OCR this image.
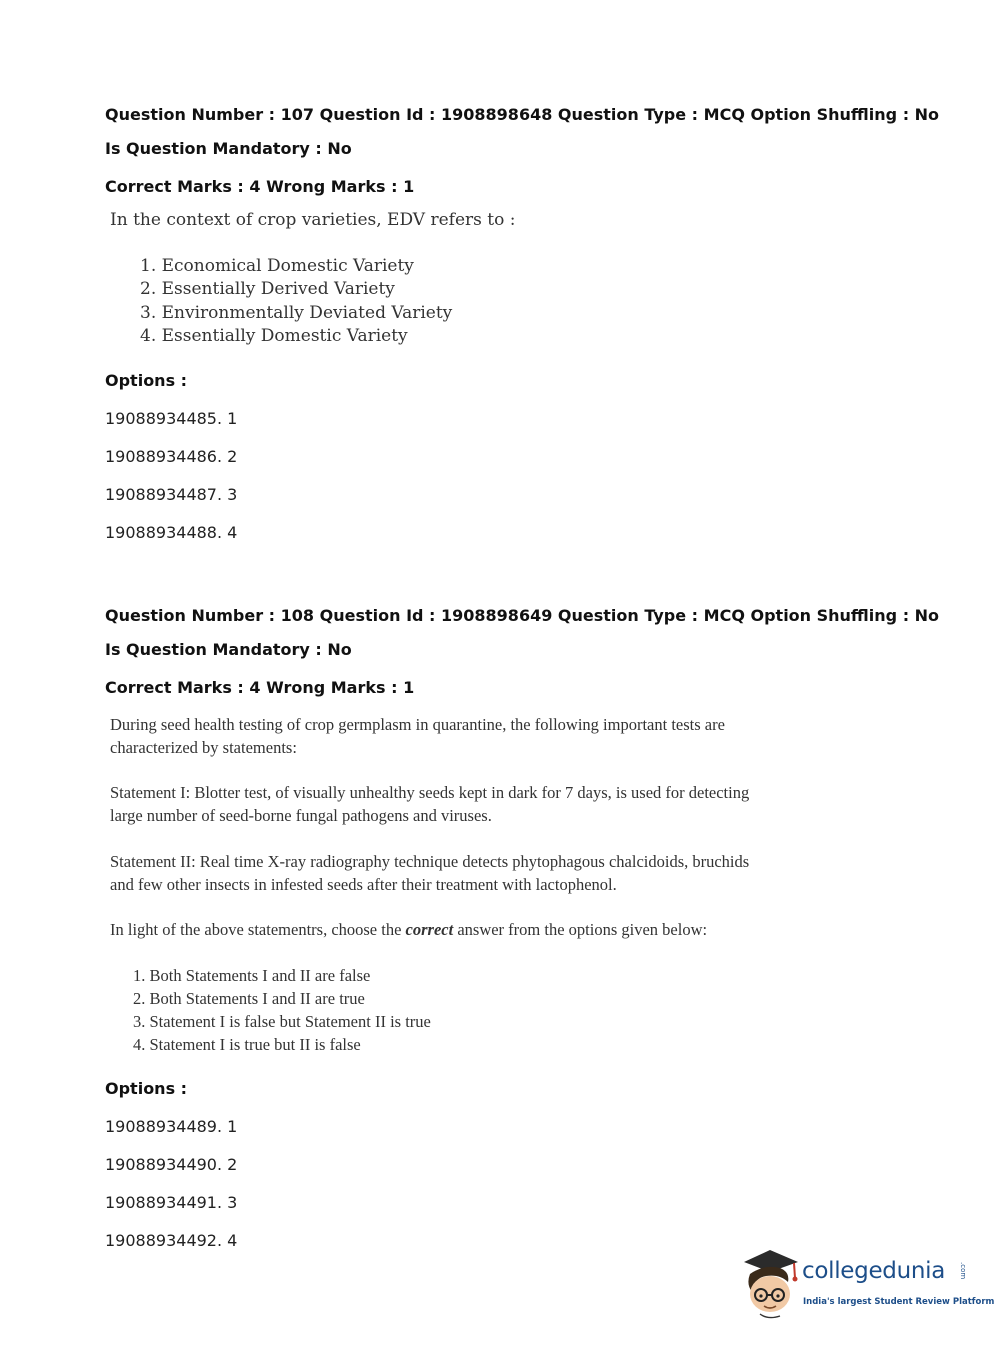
Question Number : 107 Question Id : 1908898648 Question Type : MCQ Option Shuffling : No
Is Question Mandatory : No
Correct Marks : 4 Wrong Marks : 1
In the context of crop varieties, EDV refers to :
1. Economical Domestic Variety
2. Essentially Derived Variety
3. Environmentally Deviated Variety
4. Essentially Domestic Variety
Options :
19088934485. 1
19088934486. 2
19088934487. 3
19088934488. 4
Question Number : 108 Question Id : 1908898649 Question Type : MCQ Option Shuffling : No
Is Question Mandatory : No
Correct Marks : 4 Wrong Marks : 1
During seed health testing of crop germplasm in quarantine, the following important tests are
characterized by statements:
Statement I: Blotter test, of visually unhealthy seeds kept in dark for 7 days, is used for detecting
large number of seed-borne fungal pathogens and viruses.
Statement II: Real time X-ray radiography technique detects phytophagous chalcidoids, bruchids
and few other insects in infested seeds after their treatment with lactophenol.
In light of the above statementrs, choose the correct answer from the options given below:
1. Both Statements I and II are false
2. Both Statements I and II are true
3. Statement I is false but Statement II is true
4. Statement I is true but II is false
Options :
19088934489. 1
19088934490. 2
19088934491. 3
19088934492. 4
collegedunia .com
India's largest Student Review Platform
